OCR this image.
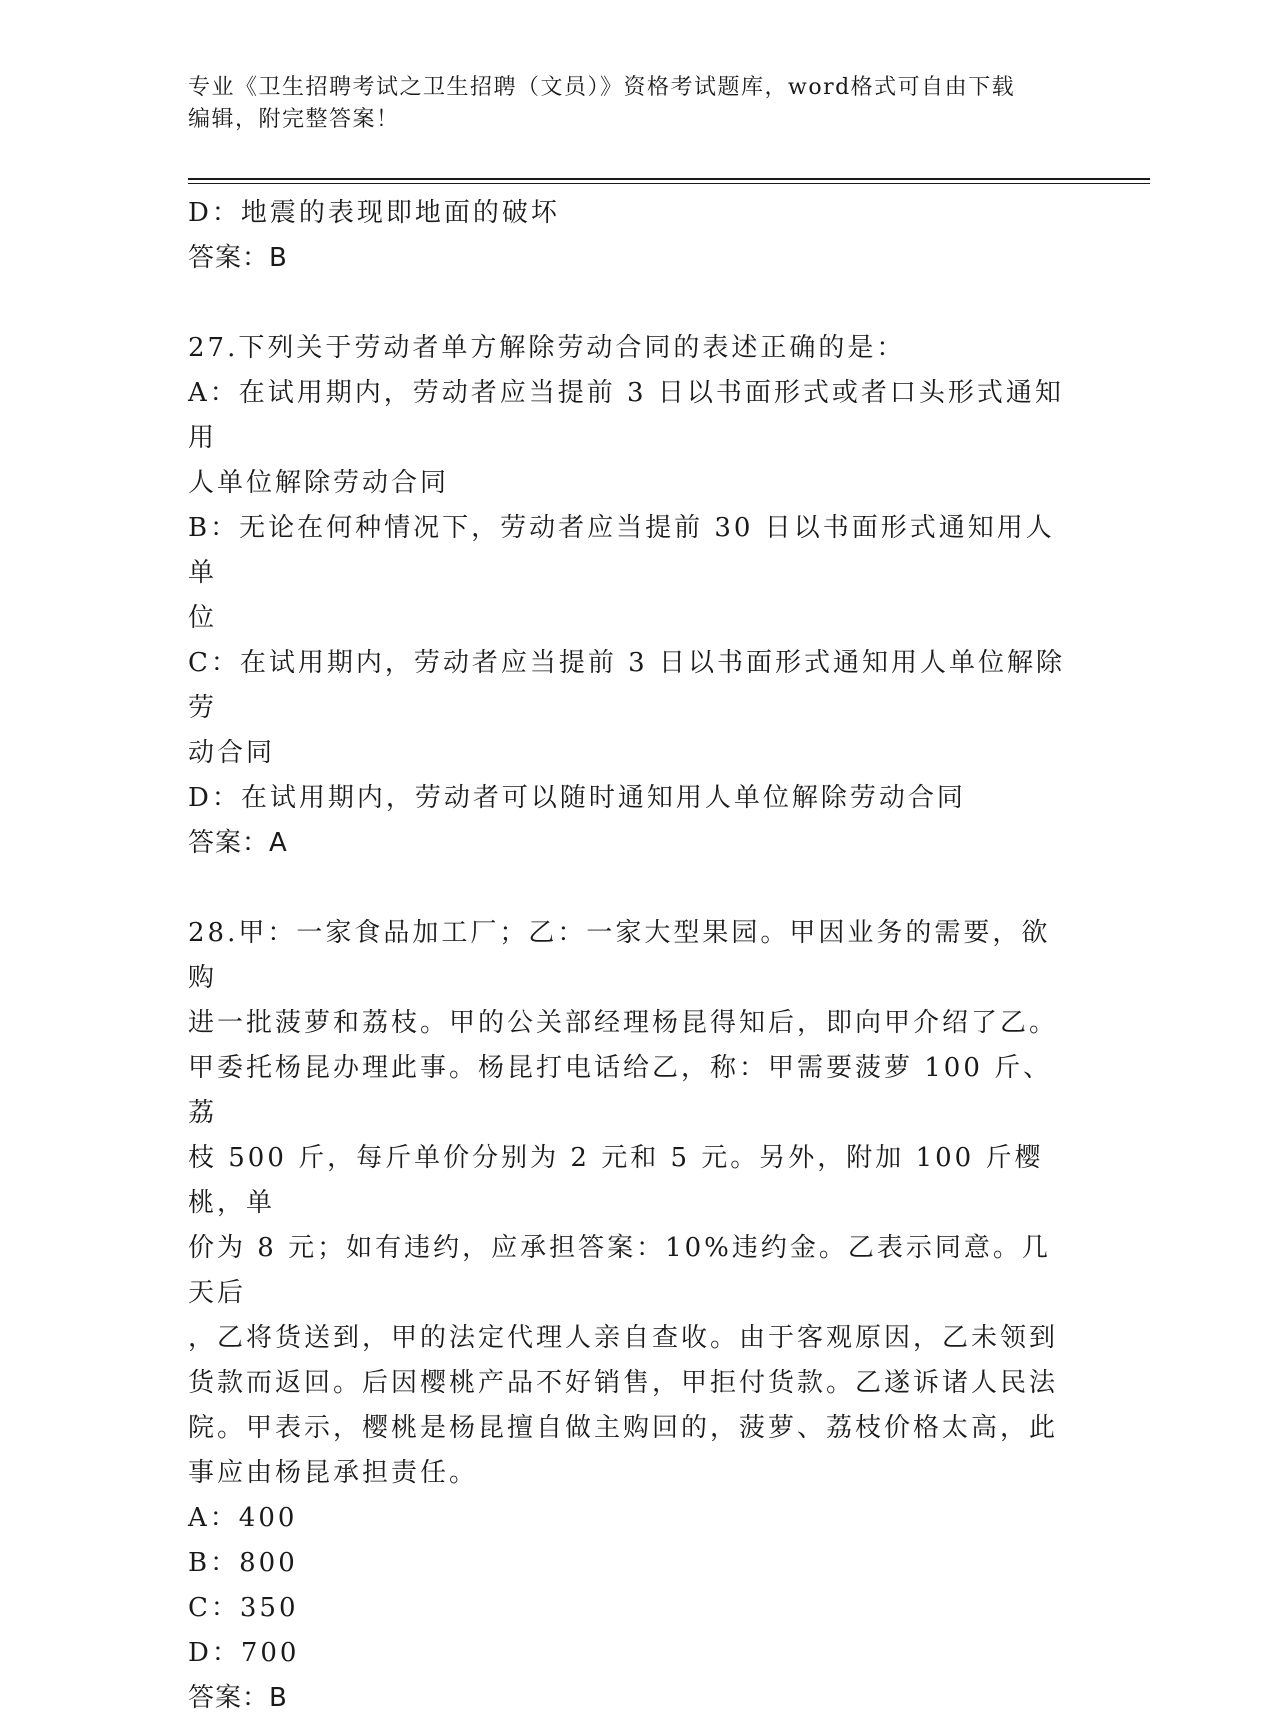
专业《卫生招聘考试之卫生招聘（文员）》资格考试题库，word格式可自由下载

编辑，附完整答案！

D：地震的表现即地面的破坏

答案：B

27.下列关于劳动者单方解除劳动合同的表述正确的是：

A：在试用期内，劳动者应当提前 3 日以书面形式或者口头形式通知用

人单位解除劳动合同

B：无论在何种情况下，劳动者应当提前 30 日以书面形式通知用人单

位

C：在试用期内，劳动者应当提前 3 日以书面形式通知用人单位解除劳

动合同

D：在试用期内，劳动者可以随时通知用人单位解除劳动合同

答案：A

28.甲：一家食品加工厂；乙：一家大型果园。甲因业务的需要，欲购

进一批菠萝和荔枝。甲的公关部经理杨昆得知后，即向甲介绍了乙。

甲委托杨昆办理此事。杨昆打电话给乙，称：甲需要菠萝 100 斤、荔

枝 500 斤，每斤单价分别为 2 元和 5 元。另外，附加 100 斤樱桃，单

价为 8 元；如有违约，应承担答案：10%违约金。乙表示同意。几天后

，乙将货送到，甲的法定代理人亲自查收。由于客观原因，乙未领到

货款而返回。后因樱桃产品不好销售，甲拒付货款。乙遂诉诸人民法

院。甲表示，樱桃是杨昆擅自做主购回的，菠萝、荔枝价格太高，此

事应由杨昆承担责任。

A：400

B：800

C：350

D：700

答案：B
